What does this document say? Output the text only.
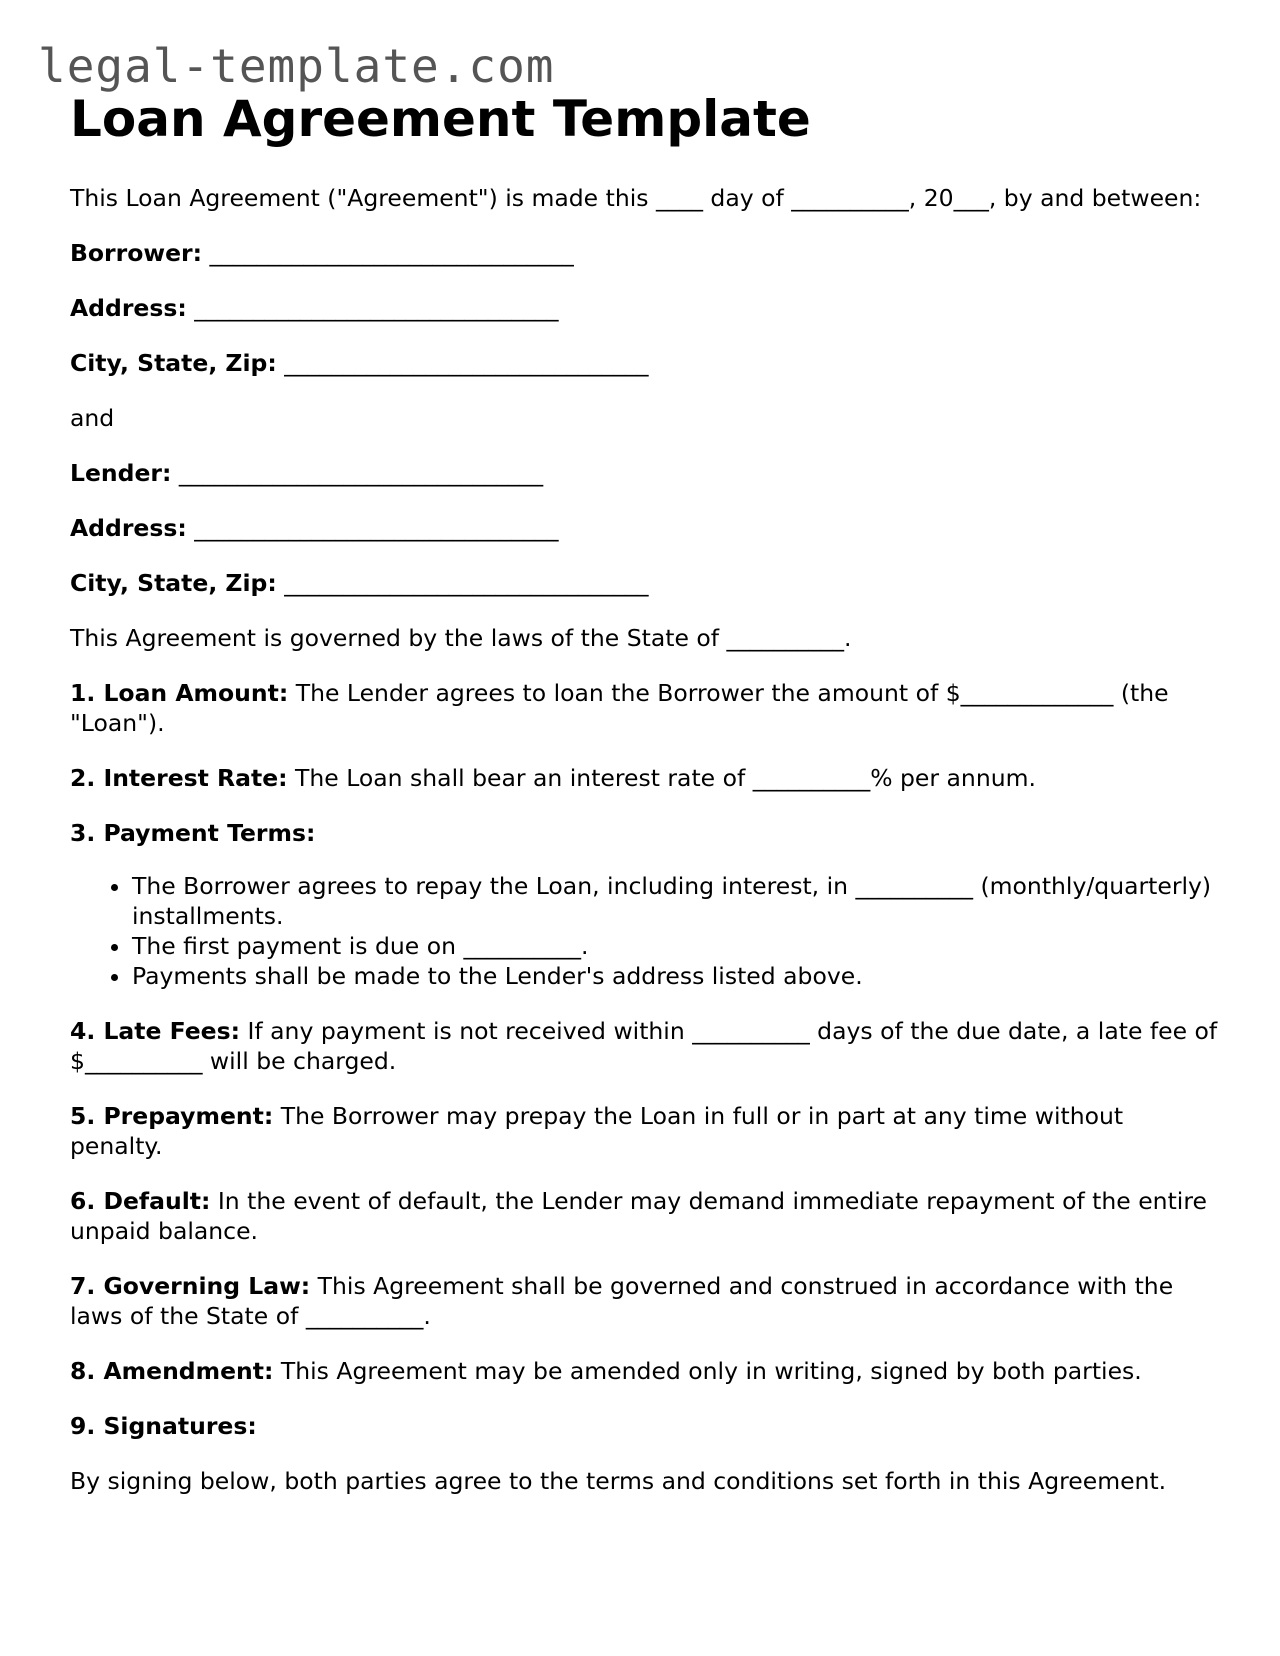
legal-template.com
Loan Agreement Template

This Loan Agreement ("Agreement") is made this ____ day of __________, 20___, by and between:

Borrower: _______________________________

Address: _______________________________

City, State, Zip: _______________________________

and

Lender: _______________________________

Address: _______________________________

City, State, Zip: _______________________________

This Agreement is governed by the laws of the State of __________.

1. Loan Amount: The Lender agrees to loan the Borrower the amount of $_____________ (the "Loan").

2. Interest Rate: The Loan shall bear an interest rate of __________% per annum.

3. Payment Terms:

• The Borrower agrees to repay the Loan, including interest, in __________ (monthly/quarterly) installments.
• The first payment is due on __________.
• Payments shall be made to the Lender's address listed above.

4. Late Fees: If any payment is not received within __________ days of the due date, a late fee of $__________ will be charged.

5. Prepayment: The Borrower may prepay the Loan in full or in part at any time without penalty.

6. Default: In the event of default, the Lender may demand immediate repayment of the entire unpaid balance.

7. Governing Law: This Agreement shall be governed and construed in accordance with the laws of the State of __________.

8. Amendment: This Agreement may be amended only in writing, signed by both parties.

9. Signatures:

By signing below, both parties agree to the terms and conditions set forth in this Agreement.
